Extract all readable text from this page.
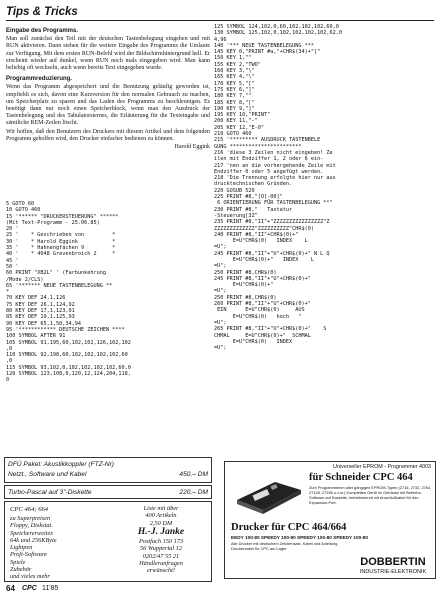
Tips & Tricks
Eingabe des Programms.

Man soll zunächst den Teil mit der deutschen Tastenbelegung eingeben und mit RUN aktivieren. Dann stehen für die weitere Eingabe des Programms die Umlaute zur Verfügung. Mit dem ersten RUN-Befehl wird der Bildschirmhintergrund hell. Er erscheint wieder auf dunkel, wenn RUN noch mals eingegeben wird. Man kann beliebig oft wechseln, auch wenn bereits Text eingegeben wurde.

Programmreduzierung.

Wenn das Programm abgespeichert und die Benutzung geläufig geworden ist, empfiehlt es sich, davon eine Kurzversion für den normalen Gebrauch zu machen, um Speicherplatz zu sparen und das Laden des Programms zu beschleunigen. Es benötigt dann nur noch einen Speicherblock, wenn man den Ausdruck der Tastenbelegung und des Tabulatorsternes, die Erläuterung für die Texteingabe und sämtliche REM-Zeilen löscht.

Wir hoffen, daß den Benutzern des Druckers mit diesem Artikel und dem folgenden Programm geholfen wird, den Drucker einfacher bedienen zu können.

Harold Eggink

5 GOTO 60
10 GOTO 460
15 '****** "DRUCKERSTEUERUNG" ******
(Mit Text-Programm - 25.06.85)
20 '
25 '    * Geschrieben von         *
30 '    * Harold Eggink           *
35 '    * Hahnengfächen 9         *
40 '    * 4048 Grevenbroich 2     *
45 '
50 '
60 PRINT "XB2L" ' (Farbunkehrung
/Mode 2/CLS)
65 '******* NEUE TASTENBELEGUNG **
*
70 KEY DEF 24,1,126
75 KEY DEF 26,1,124,92
80 KEY DEF 17,1,123,91
85 KEY DEF 19,1,125,93
90 KEY DEF 65,1,50,34,94
95 '************ DEUTSCHE ZEICHEN ****
100 SYMBOL AFTER 91
105 SYMBOL 91,195,60,102,102,126,102,102
,0
110 SYMBOL 92,198,60,102,102,102,102,60
,0
115 SYMBOL 93,102,0,102,102,102,102,60,0
120 SYMBOL 123,108,0,120,12,124,204,118,
0
125 SYMBOL 124,102,0,60,102,102,102,60,0
130 SYMBOL 125,102,0,102,102,102,102,62,0
4,96
140 '*** NEUE TASTENBELEGUNG ***
145 KEY 0,"PRINT #a,"+CHR$(34)+"["
150 KEY 1,""
155 KEY 2,"TWO"
160 KEY 3,"\"
165 KEY 4,"\"
170 KEY 5,"["
175 KEY 6,"]"
180 KEY 7,""
185 KEY 8,"["
190 KEY 9,"]"
195 KEY 10,"PRINT"
200 KEY 11,"-"
205 KEY 12,"E-0"
210 GOTO 460
215 '********* AUSDRUCK TASTENBELE
GUNG ***********************
216 'diese 3 Zeilen nicht eingeben! Ze
ilen mit Endziffer 1, 2 oder 6 ein-
217 'nen an die vorhergehende Zeile mit
Endziffer 0 oder 5 angefügt werden.
218 'Die Trennung erfolgte hier nur aus
drucktechnischen Gründen.
220 GOSUB 520
225 PRINT #8,"[O[-00]"
6 ORIENTIERUNG FÜR TASTENBELEGUNG **"
230 PRINT #8,"   Tastatur
-Steuerung[3Z"
235 PRINT #8,"II"+"ZZZZZZZZZZZZZZZZ"Z
ZZZZZZZZZZZZZ"ZZZZZZZZZZ"CHR$(0)
240 PRINT #8,"II"+CHR$(0)+"
E=U"CHR$(0)   INDEX    L
=U";
245 PRINT #8,"II"+"U"+CHR$(0)+" N L Q
E=U"CHR$(0)+"   INDEX    L
=U";
250 PRINT #8,CHR$(0)
245 PRINT #8,"II"+"U"+CHR$(0)+"
E=U"CHR$(0)+"
=U";
250 PRINT #8,CHR$(0)
260 PRINT #8,"II"+"U"+CHR$(0)+"
EIN      E=U"CHR$(0)     AUS
E=U"CHR$(0)   hoch   "
=U";
265 PRINT #8,"II"+"U"+CHR$(0)+"    S
CHMAL     E=U"CHR$(0)+"  SCHMAL
E=U"CHR$(0)   INDEX
=U";
DFÜ Paket: Akustikkoppler (FTZ-Nr)
Netzt., Software und Kabel	450,– DM
Turbo-Pascal auf 3"-Diskette	220,– DM
CPC 464; 664
zu Superpreisen
Floppy, Diskstat.
Speichererweiter.
64k und 256KByte
Lightpen
Profi-Software
Spiele
Zubehör
und vieles mehr
Liste mit über
400 Artikeln
2,50 DM
H.-J. Janke
Postfach 150 173
56 Wuppertal 12
0202/47 55 21
Händleranfragen
erwünscht!
Universeller EPROM - Programmer 4003
für Schneider CPC 464
Zum Programmieren aller gängigen EPROM-Typen (2716, 2732, 2764, 27128, 27256 u.v.m.) Komplettes Gerät im Gehäuse mit Betriebs-Software auf Kassette, betriebsbereit mit Anschlußkabel für den Expansion-Port.
Drucker für CPC 464/664
EEDY 100-80 SPEEDY 100-80 SPEEDY 100-80 SPEEDY 100-80
Alle Drucker mit deutschem Zeichensatz, Kabel und Anleitung. Druckerkabel für CPC am Lager.
DOBBERTIN
INDUSTRIE-ELEKTRONIK
64 CPC 11'85
